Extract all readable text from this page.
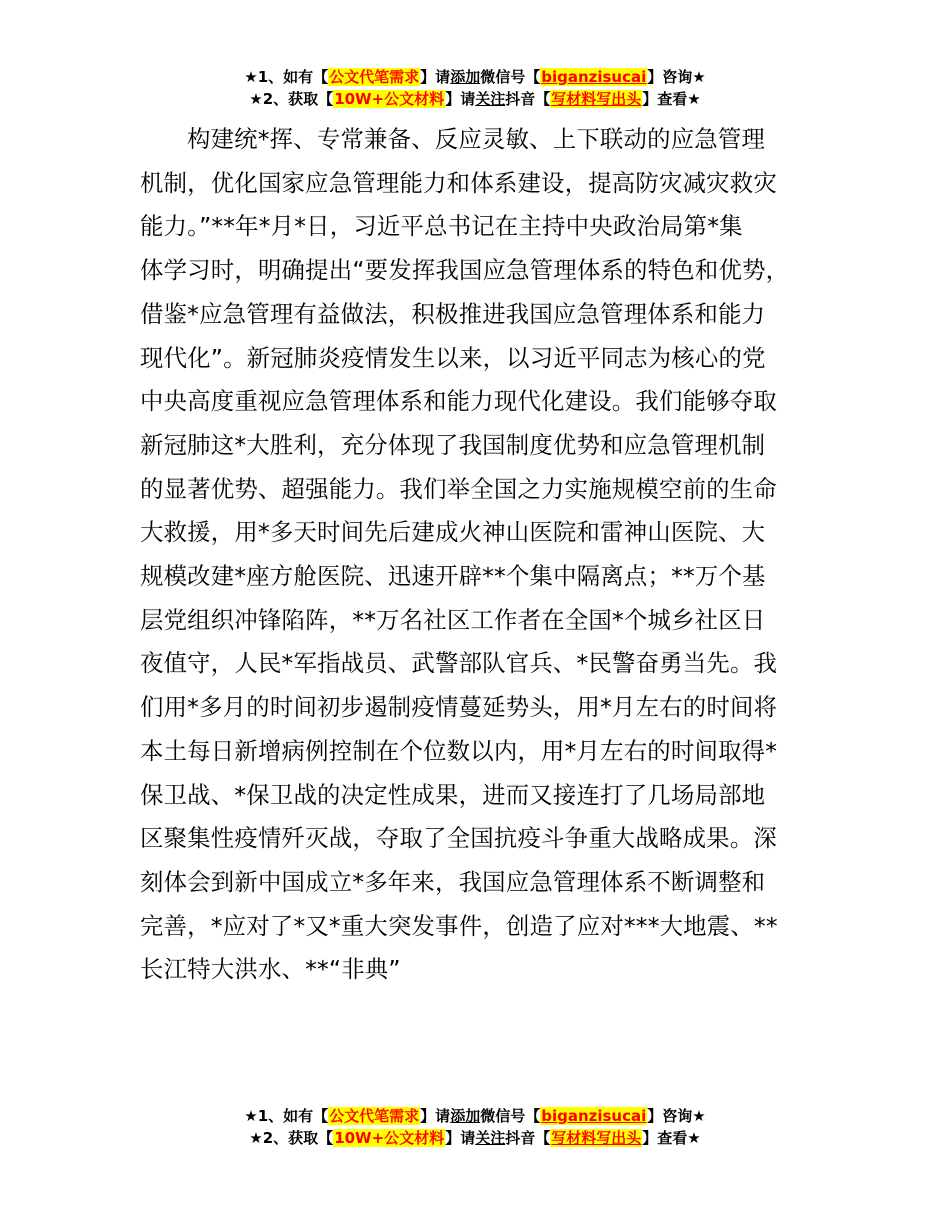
★1、如有【公文代笔需求】请添加微信号【biganzisucai】咨询★
★2、获取【10W+公文材料】请关注抖音【写材料写出头】查看★

构建统*挥、专常兼备、反应灵敏、上下联动的应急管理

机制，优化国家应急管理能力和体系建设，提高防灾减灾救灾

能力。”**年*月*日，习近平总书记在主持中央政治局第*集

体学习时，明确提出“要发挥我国应急管理体系的特色和优势，

借鉴*应急管理有益做法，积极推进我国应急管理体系和能力

现代化”。新冠肺炎疫情发生以来，以习近平同志为核心的党

中央高度重视应急管理体系和能力现代化建设。我们能够夺取

新冠肺这*大胜利，充分体现了我国制度优势和应急管理机制

的显著优势、超强能力。我们举全国之力实施规模空前的生命

大救援，用*多天时间先后建成火神山医院和雷神山医院、大

规模改建*座方舱医院、迅速开辟**个集中隔离点；**万个基

层党组织冲锋陷阵，**万名社区工作者在全国*个城乡社区日

夜值守，人民*军指战员、武警部队官兵、*民警奋勇当先。我

们用*多月的时间初步遏制疫情蔓延势头，用*月左右的时间将

本土每日新增病例控制在个位数以内，用*月左右的时间取得*

保卫战、*保卫战的决定性成果，进而又接连打了几场局部地

区聚集性疫情歼灭战，夺取了全国抗疫斗争重大战略成果。深

刻体会到新中国成立*多年来，我国应急管理体系不断调整和

完善，*应对了*又*重大突发事件，创造了应对***大地震、**

长江特大洪水、**“非典”

★1、如有【公文代笔需求】请添加微信号【biganzisucai】咨询★
★2、获取【10W+公文材料】请关注抖音【写材料写出头】查看★
